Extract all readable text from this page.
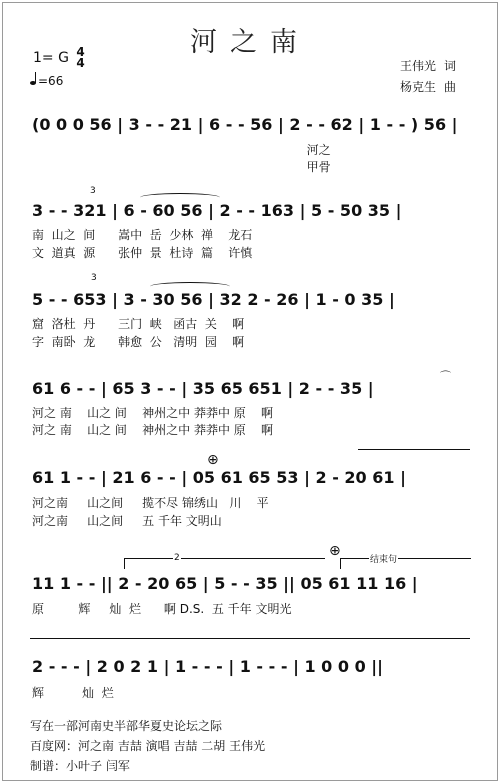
河之南
1= G 4
4
=66
王伟光 词
杨克生 曲
(0 0 0 56 | 3 - - 21 | 6 - - 56 | 2 - - 62 | 1 - - ) 56 |
河之
甲骨
3
3 - - 321 | 6 - 60 56 | 2 - - 163 | 5 - 50 35 |
南  山之  间      嵩中  岳  少林  禅    龙石
文  道真  源      张仲  景  杜诗  篇    许慎
3
5 - - 653 | 3 - 30 56 | 32 2 - 26 | 1 - 0 35 |
窟  洛杜  丹      三门  峡   函古  关    啊
字  南卧  龙      韩愈  公   清明  园    啊
⌒
61 6 - - | 65 3 - - | 35 65 651 | 2 - - 35 |
河之 南    山之 间    神州之中 莽莽中 原    啊
河之 南    山之 间    神州之中 莽莽中 原    啊
⊕
61 1 - - | 21 6 - - | 05 61 65 53 | 2 - 20 61 |
河之南     山之间     揽不尽 锦绣山   川    平
河之南     山之间     五 千年 文明山
2	⊕
结束句
11 1 - - || 2 - 20 65 | 5 - - 35 || 05 61 11 16 |
原         辉     灿  烂      啊 D.S.  五 千年 文明光
2 - - - | 2 0 2 1 | 1 - - - | 1 - - - | 1 0 0 0 ||
辉          灿  烂
写在一部河南史半部华夏史论坛之际
百度网：河之南 吉喆 演唱 吉喆 二胡 王伟光
制谱：小叶子 闫军
